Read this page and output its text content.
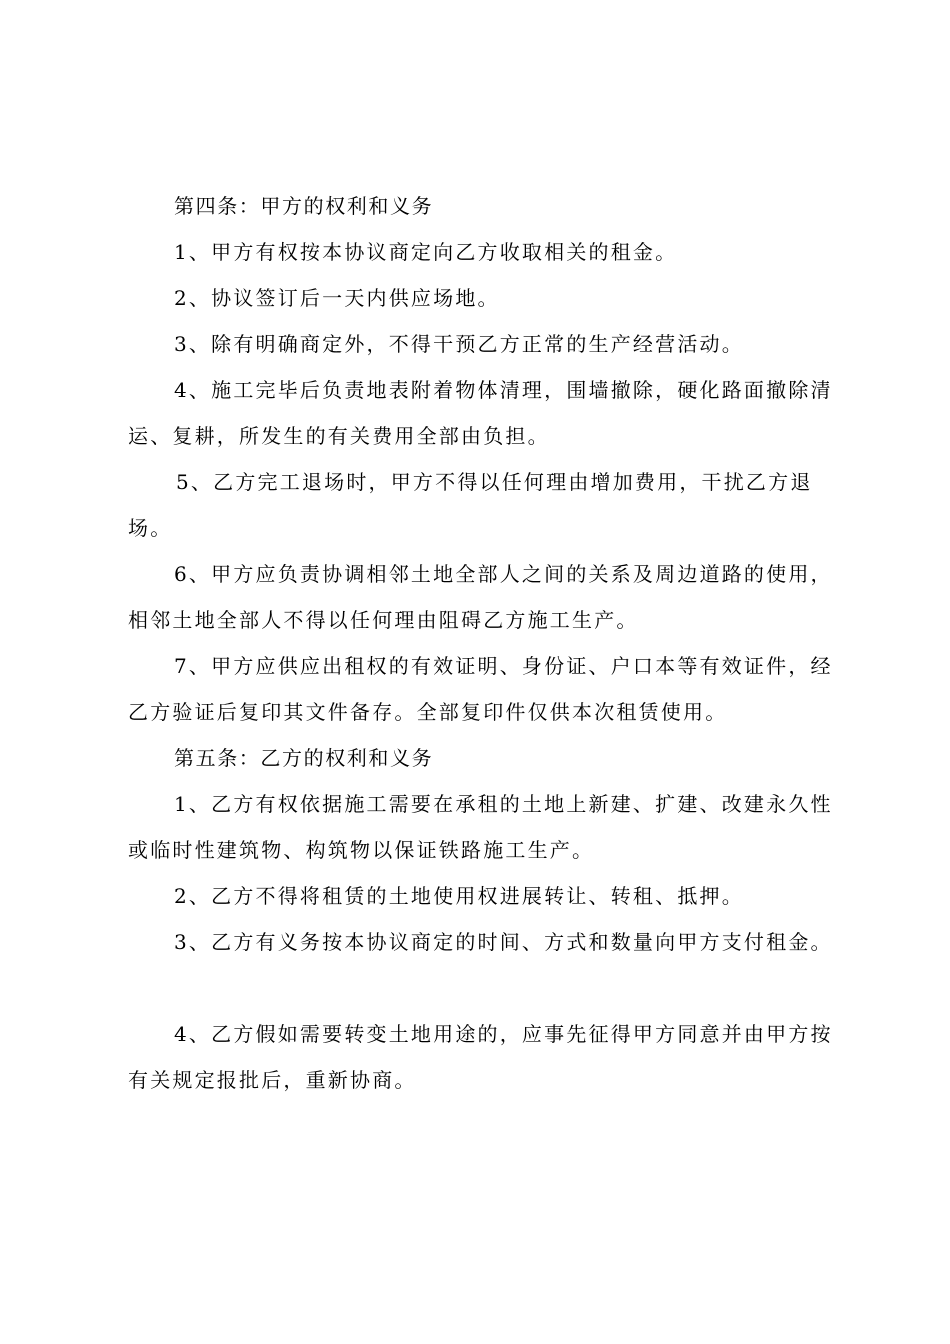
第四条：甲方的权利和义务
1、甲方有权按本协议商定向乙方收取相关的租金。
2、协议签订后一天内供应场地。
3、除有明确商定外，不得干预乙方正常的生产经营活动。
4、施工完毕后负责地表附着物体清理，围墙撤除，硬化路面撤除清
运、复耕，所发生的有关费用全部由负担。
5、乙方完工退场时，甲方不得以任何理由增加费用，干扰乙方退
场。
6、甲方应负责协调相邻土地全部人之间的关系及周边道路的使用，
相邻土地全部人不得以任何理由阻碍乙方施工生产。
7、甲方应供应出租权的有效证明、身份证、户口本等有效证件，经
乙方验证后复印其文件备存。全部复印件仅供本次租赁使用。
第五条：乙方的权利和义务
1、乙方有权依据施工需要在承租的土地上新建、扩建、改建永久性
或临时性建筑物、构筑物以保证铁路施工生产。
2、乙方不得将租赁的土地使用权进展转让、转租、抵押。
3、乙方有义务按本协议商定的时间、方式和数量向甲方支付租金。
4、乙方假如需要转变土地用途的，应事先征得甲方同意并由甲方按
有关规定报批后，重新协商。
